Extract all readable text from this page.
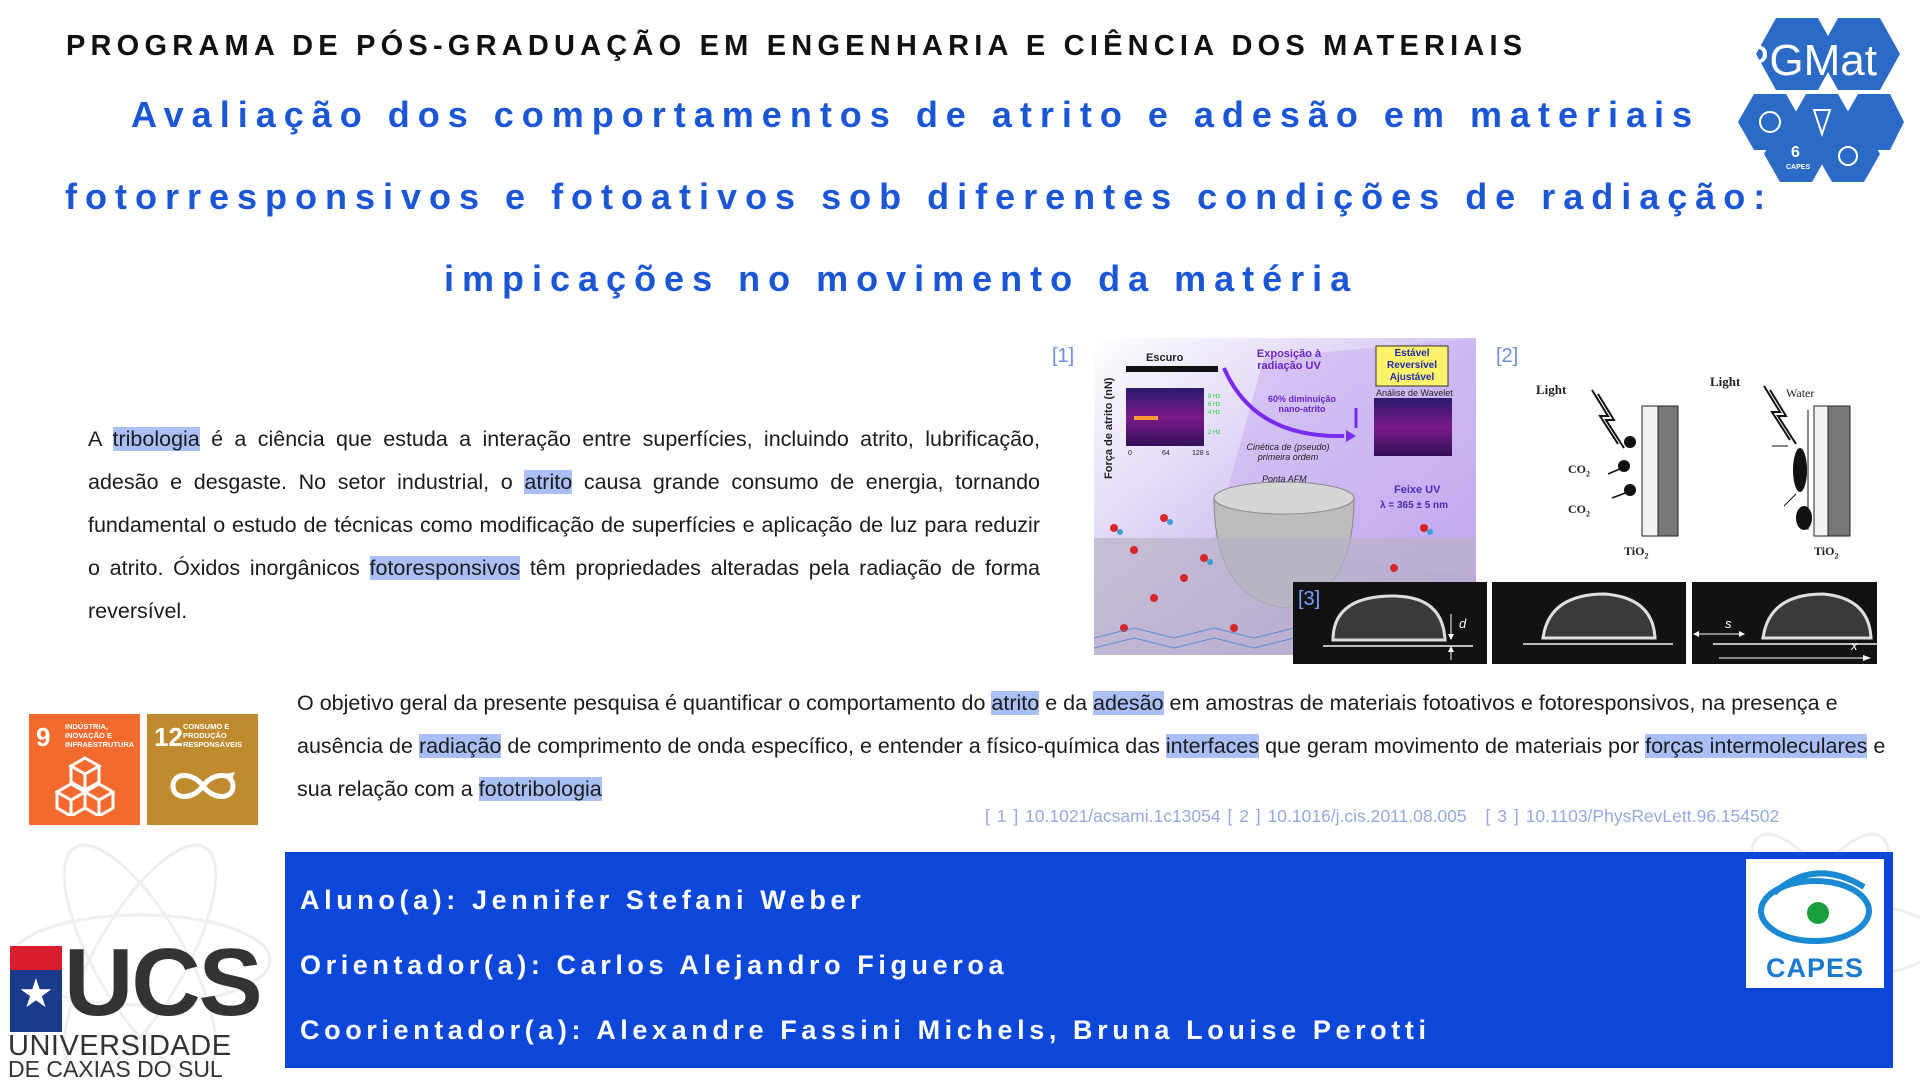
PROGRAMA DE PÓS-GRADUAÇÃO EM ENGENHARIA E CIÊNCIA DOS MATERIAIS
Avaliação dos comportamentos de atrito e adesão em materiais
fotorresponsivos e fotoativos sob diferentes condições de radiação:
impicações no movimento da matéria
PGMat
6
CAPES
A tribologia é a ciência que estuda a interação entre superfícies, incluindo atrito, lubrificação, adesão e desgaste. No setor industrial, o atrito causa grande consumo de energia, tornando fundamental o estudo de técnicas como modificação de superfícies e aplicação de luz para reduzir o atrito. Óxidos inorgânicos fotoresponsivos têm propriedades alteradas pela radiação de forma reversível.
[1]
Força de atrito (nN)
Escuro	Exposição à radiação UV
60% diminuição nano-atrito
Estável Reversível Ajustável
Análise de Wavelet
Cinética de (pseudo) primeira ordem
Ponta AFM
Feixe UV
λ = 365 ± 5 nm
8 Hz
6 Hz
4 Hz
2 Hz
0	64	128 s
[2]
Light
Light
Water
$CO_2$
$CO_2$
TiO$_2$	TiO$_2$
[3]
d	s
x
9 INDÚSTRIA, INOVAÇÃO E INFRAESTRUTURA 12 CONSUMO E PRODUÇÃO RESPONSÁVEIS
O objetivo geral da presente pesquisa é quantificar o comportamento do atrito e da adesão em amostras de materiais fotoativos e fotoresponsivos, na presença e ausência de radiação de comprimento de onda específico, e entender a físico-química das interfaces que geram movimento de materiais por forças intermoleculares e sua relação com a fototribologia
[ 1 ] 10.1021/acsami.1c13054 [ 2 ] 10.1016/j.cis.2011.08.005 [ 3 ] 10.1103/PhysRevLett.96.154502
Aluno(a): Jennifer Stefani Weber
Orientador(a): Carlos Alejandro Figueroa
Coorientador(a): Alexandre Fassini Michels, Bruna Louise Perotti
CAPES
★ UCS
UNIVERSIDADE
DE CAXIAS DO SUL
